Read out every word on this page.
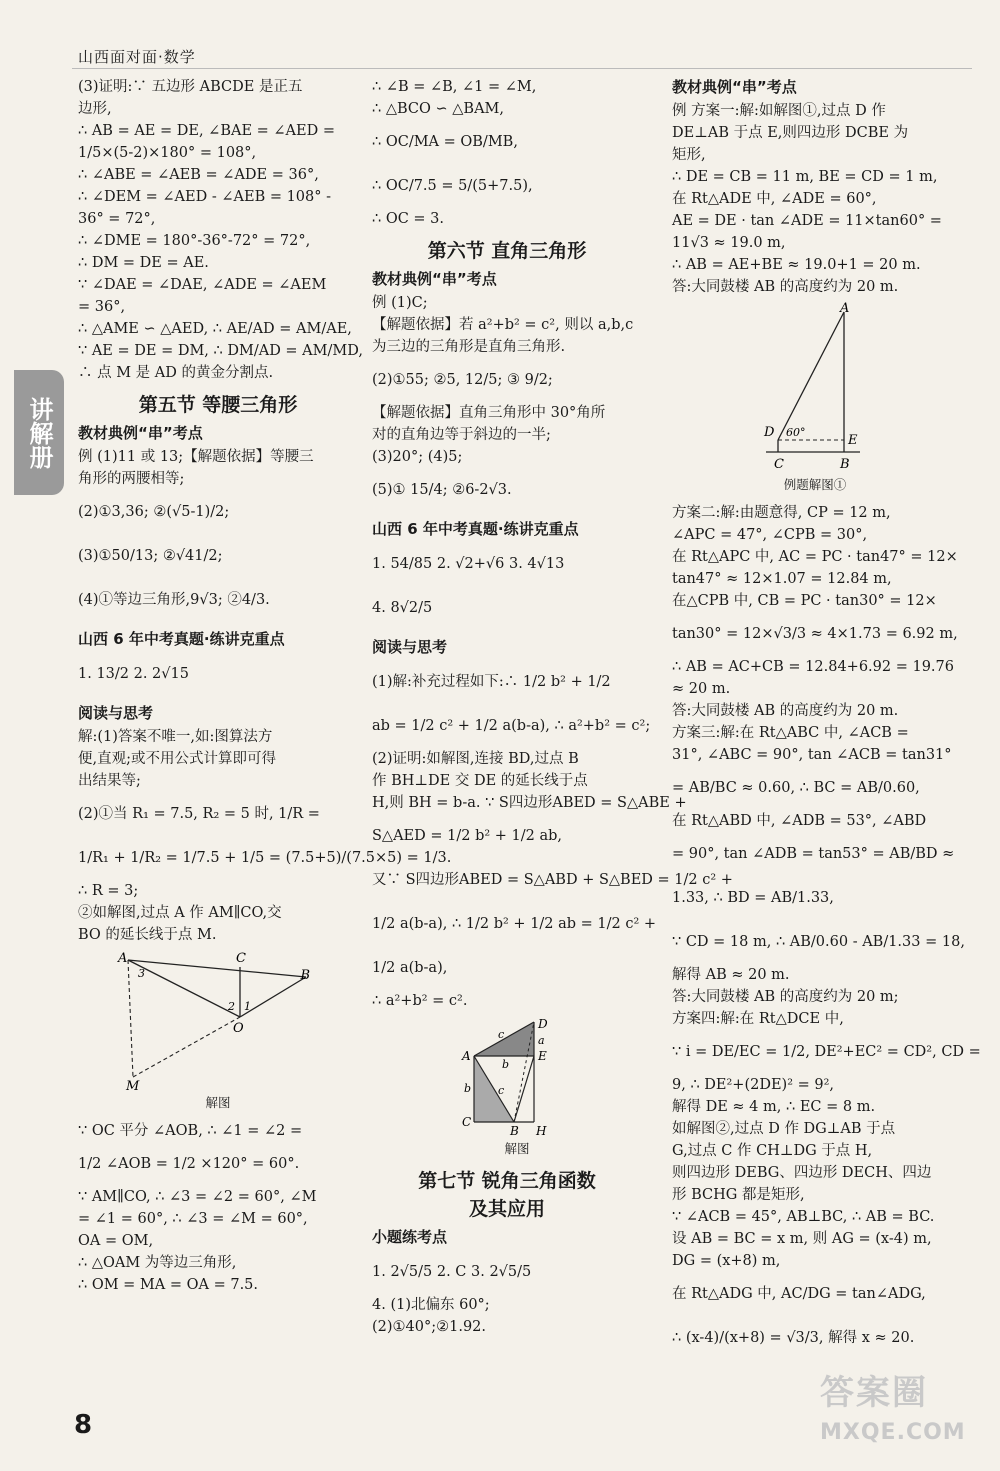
山西面对面·数学
讲解册
(3)证明:∵ 五边形 ABCDE 是正五
边形,
∴ AB = AE = DE, ∠BAE = ∠AED =
1/5×(5-2)×180° = 108°,
∴ ∠ABE = ∠AEB = ∠ADE = 36°,
∴ ∠DEM = ∠AED - ∠AEB = 108° -
36° = 72°,
∴ ∠DME = 180°-36°-72° = 72°,
∴ DM = DE = AE.
∵ ∠DAE = ∠DAE, ∠ADE = ∠AEM
= 36°,
∴ △AME ∽ △AED, ∴ AE/AD = AM/AE,
∵ AE = DE = DM, ∴ DM/AD = AM/MD,
∴ 点 M 是 AD 的黄金分割点.
第五节 等腰三角形
教材典例“串”考点
例 (1)11 或 13;【解题依据】等腰三
角形的两腰相等;
(2)①3,36; ②(√5-1)/2;
(3)①50/13; ②√41/2;
(4)①等边三角形,9√3; ②4/3.
山西 6 年中考真题·练讲克重点
1. 13/2 2. 2√15
阅读与思考
解:(1)答案不唯一,如:图算法方
便,直观;或不用公式计算即可得
出结果等;
(2)①当 R₁ = 7.5, R₂ = 5 时, 1/R =
1/R₁ + 1/R₂ = 1/7.5 + 1/5 = (7.5+5)/(7.5×5) = 1/3.
∴ R = 3;
②如解图,过点 A 作 AM∥CO,交
BO 的延长线于点 M.
A	C
B
O
M
3
2 1
解图
∵ OC 平分 ∠AOB, ∴ ∠1 = ∠2 =
1/2 ∠AOB = 1/2 ×120° = 60°.
∵ AM∥CO, ∴ ∠3 = ∠2 = 60°, ∠M
= ∠1 = 60°, ∴ ∠3 = ∠M = 60°,
OA = OM,
∴ △OAM 为等边三角形,
∴ OM = MA = OA = 7.5.
∴ ∠B = ∠B, ∠1 = ∠M,
∴ △BCO ∽ △BAM,
∴ OC/MA = OB/MB,
∴ OC/7.5 = 5/(5+7.5),
∴ OC = 3.
第六节 直角三角形
教材典例“串”考点
例 (1)C;
【解题依据】若 a²+b² = c², 则以 a,b,c
为三边的三角形是直角三角形.
(2)①55; ②5, 12/5; ③ 9/2;
【解题依据】直角三角形中 30°角所
对的直角边等于斜边的一半;
(3)20°; (4)5;
(5)① 15/4; ②6-2√3.
山西 6 年中考真题·练讲克重点
1. 54/85 2. √2+√6 3. 4√13
4. 8√2/5
阅读与思考
(1)解:补充过程如下:∴ 1/2 b² + 1/2
ab = 1/2 c² + 1/2 a(b-a), ∴ a²+b² = c²;
(2)证明:如解图,连接 BD,过点 B
作 BH⊥DE 交 DE 的延长线于点
H,则 BH = b-a. ∵ S四边形ABED = S△ABE +
S△AED = 1/2 b² + 1/2 ab,
又∵ S四边形ABED = S△ABD + S△BED = 1/2 c² +
1/2 a(b-a), ∴ 1/2 b² + 1/2 ab = 1/2 c² +
1/2 a(b-a),
∴ a²+b² = c².
A
D
E
C
B H
c	a
b
b c
解图
第七节 锐角三角函数
及其应用
小题练考点
1. 2√5/5 2. C 3. 2√5/5
4. (1)北偏东 60°;
(2)①40°;②1.92.
教材典例“串”考点
例 方案一:解:如解图①,过点 D 作
DE⊥AB 于点 E,则四边形 DCBE 为
矩形,
∴ DE = CB = 11 m, BE = CD = 1 m,
在 Rt△ADE 中, ∠ADE = 60°,
AE = DE · tan ∠ADE = 11×tan60° =
11√3 ≈ 19.0 m,
∴ AB = AE+BE ≈ 19.0+1 = 20 m.
答:大同鼓楼 AB 的高度约为 20 m.
A
D 60°
E
C	B
例题解图①
方案二:解:由题意得, CP = 12 m,
∠APC = 47°, ∠CPB = 30°,
在 Rt△APC 中, AC = PC · tan47° = 12×
tan47° ≈ 12×1.07 = 12.84 m,
在△CPB 中, CB = PC · tan30° = 12×
tan30° = 12×√3/3 ≈ 4×1.73 = 6.92 m,
∴ AB = AC+CB = 12.84+6.92 = 19.76
≈ 20 m.
答:大同鼓楼 AB 的高度约为 20 m.
方案三:解:在 Rt△ABC 中, ∠ACB =
31°, ∠ABC = 90°, tan ∠ACB = tan31°
= AB/BC ≈ 0.60, ∴ BC = AB/0.60,
在 Rt△ABD 中, ∠ADB = 53°, ∠ABD
= 90°, tan ∠ADB = tan53° = AB/BD ≈
1.33, ∴ BD = AB/1.33,
∵ CD = 18 m, ∴ AB/0.60 - AB/1.33 = 18,
解得 AB ≈ 20 m.
答:大同鼓楼 AB 的高度约为 20 m;
方案四:解:在 Rt△DCE 中,
∵ i = DE/EC = 1/2, DE²+EC² = CD², CD =
9, ∴ DE²+(2DE)² = 9²,
解得 DE ≈ 4 m, ∴ EC = 8 m.
如解图②,过点 D 作 DG⊥AB 于点
G,过点 C 作 CH⊥DG 于点 H,
则四边形 DEBG、四边形 DECH、四边
形 BCHG 都是矩形,
∵ ∠ACB = 45°, AB⊥BC, ∴ AB = BC.
设 AB = BC = x m, 则 AG = (x-4) m,
DG = (x+8) m,
在 Rt△ADG 中, AC/DG = tan∠ADG,
∴ (x-4)/(x+8) = √3/3, 解得 x ≈ 20.
8
答案圈
MXQE.COM
